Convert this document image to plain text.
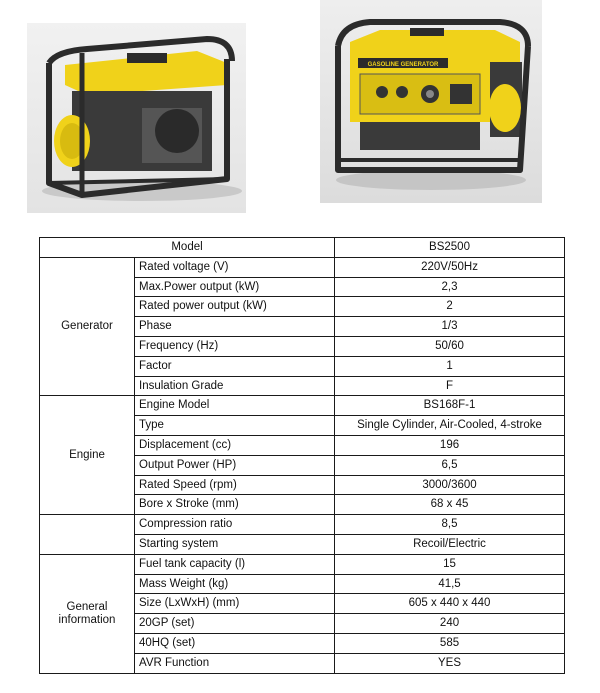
GASOLINE GENERATOR
Model		BS2500
Generator	Rated voltage (V)	220V/50Hz
	Max.Power output (kW)	2,3
	Rated power output (kW)	2
	Phase	1/3
	Frequency (Hz)	50/60
	Factor	1
	Insulation Grade	F
Engine	Engine Model	BS168F-1
	Type	Single Cylinder, Air-Cooled, 4-stroke
	Displacement (cc)	196
	Output Power (HP)	6,5
	Rated Speed (rpm)	3000/3600
	Bore x Stroke (mm)	68 x 45
	Compression ratio	8,5
	Starting system	Recoil/Electric
General information	Fuel tank capacity (l)	15
	Mass Weight (kg)	41,5
	Size (LxWxH) (mm)	605 x 440 x 440
	20GP (set)	240
	40HQ (set)	585
	AVR Function	YES
